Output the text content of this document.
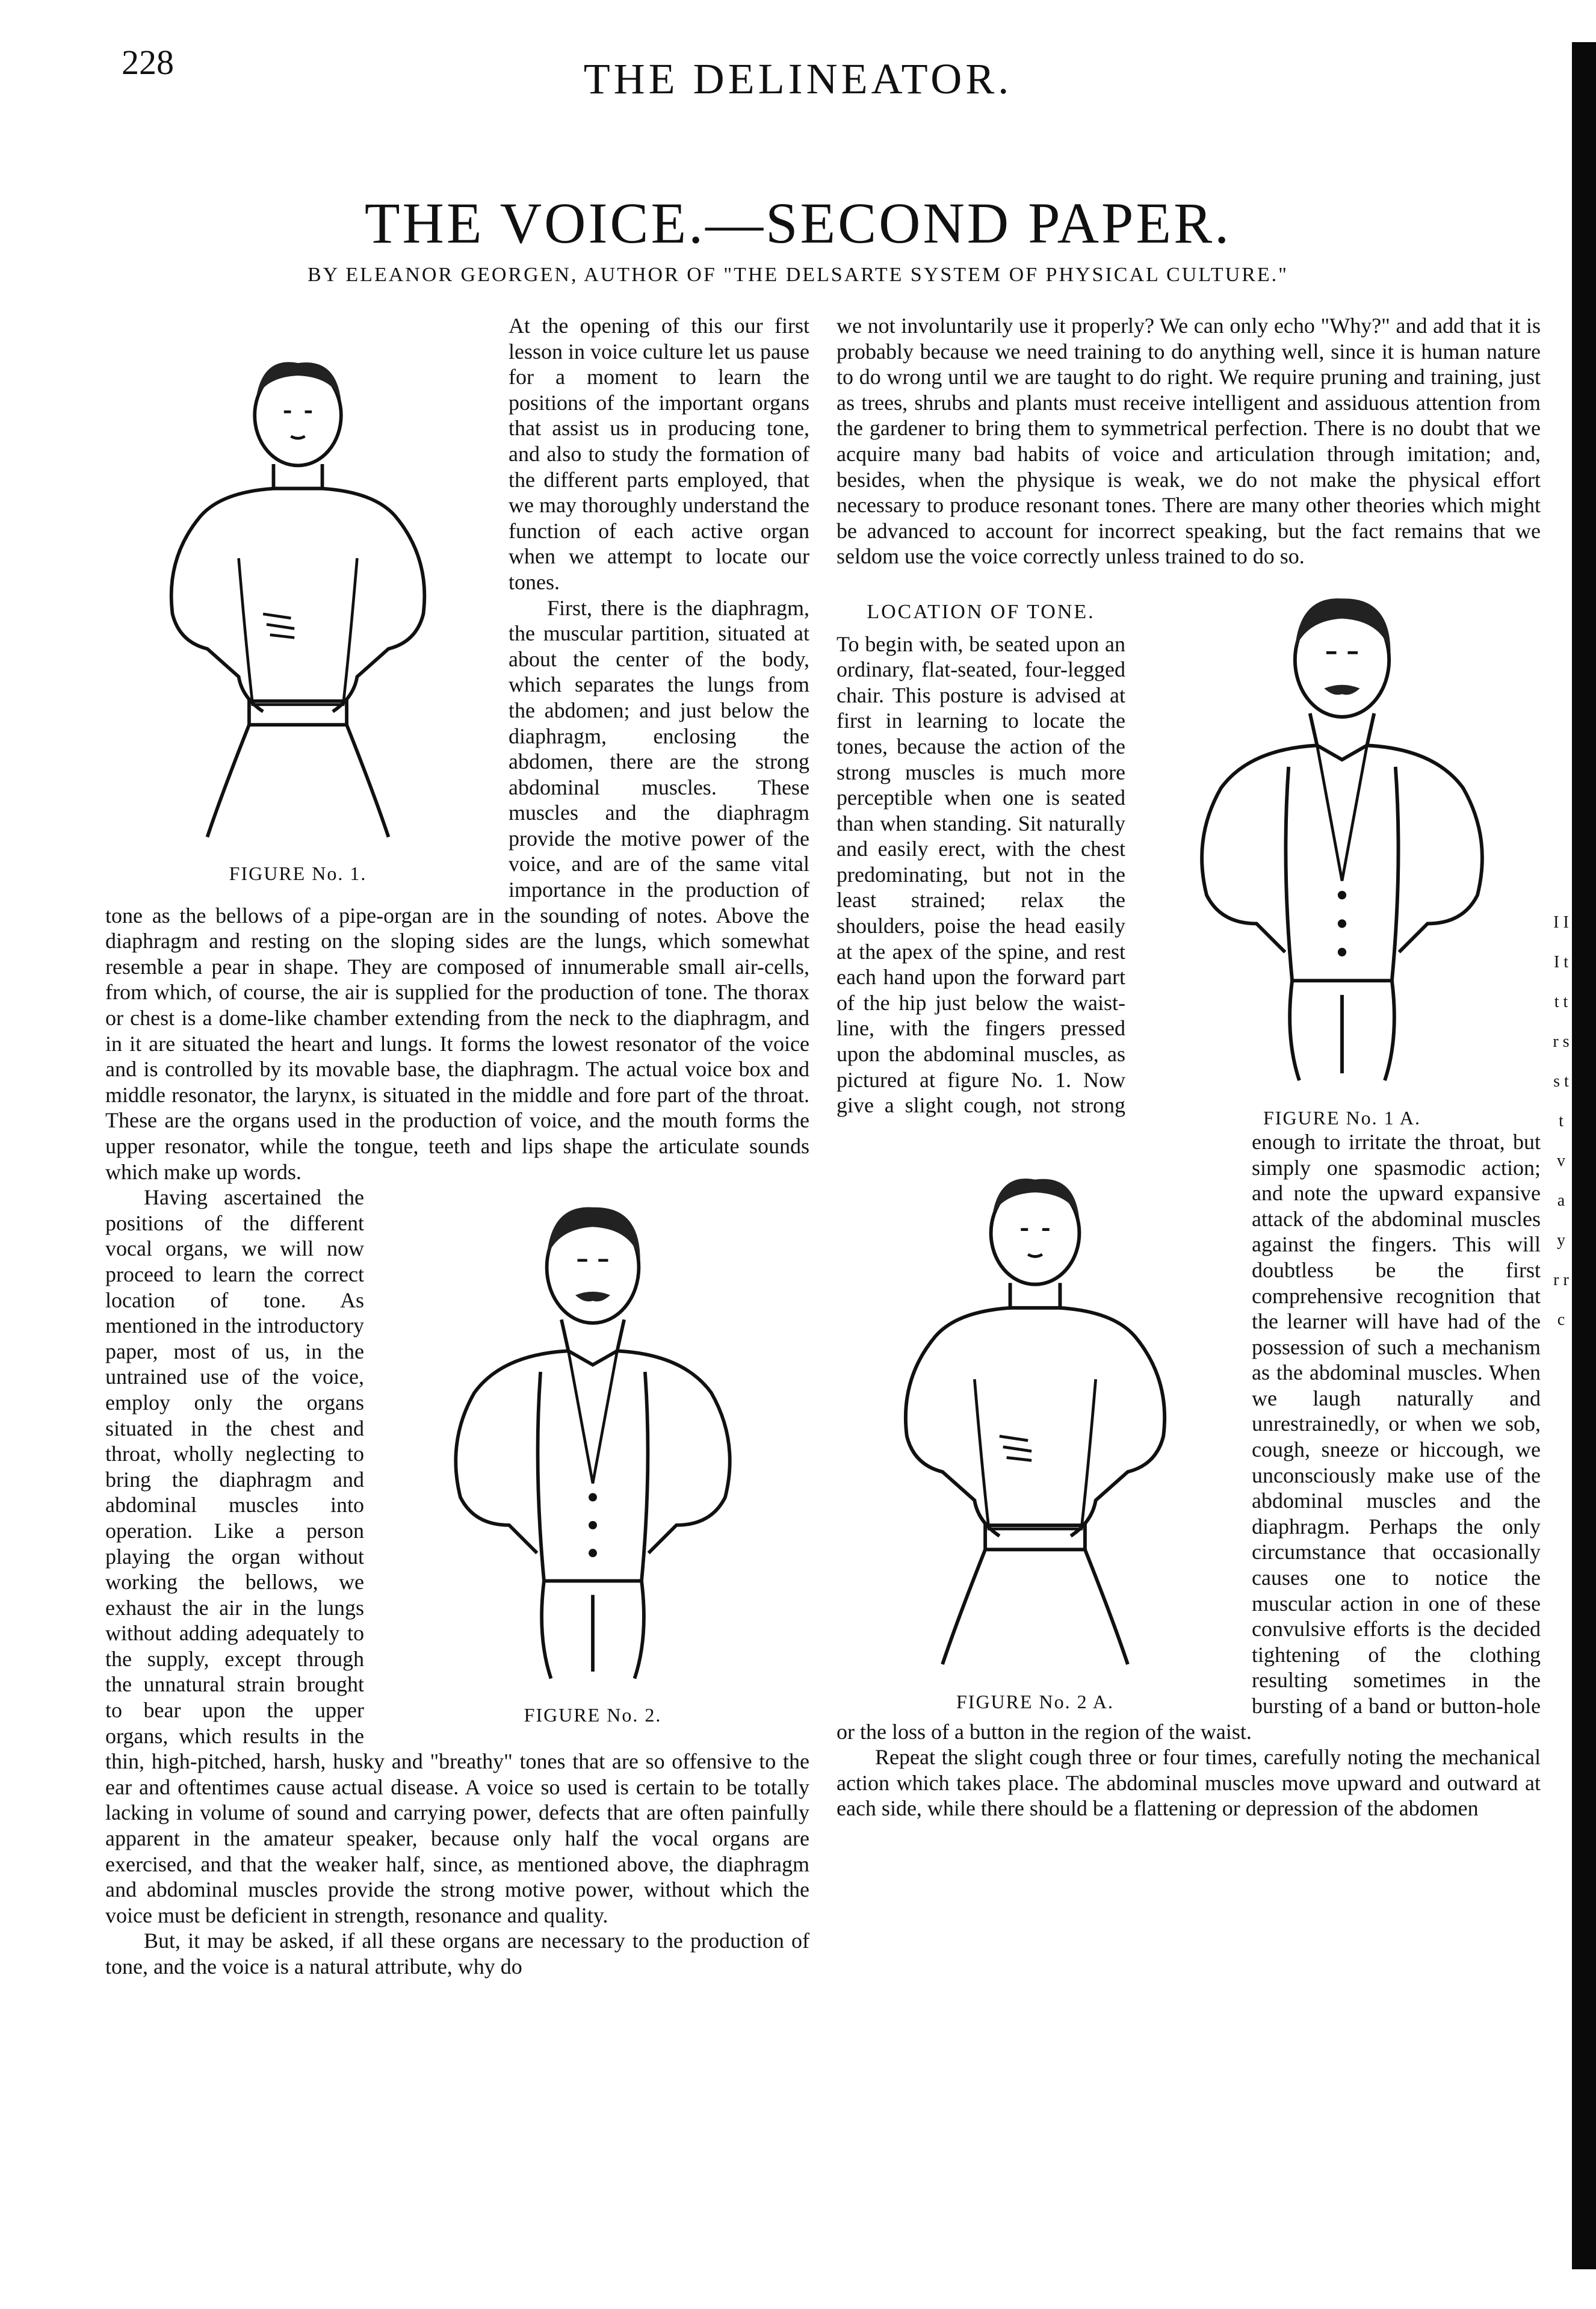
228	THE DELINEATOR.
THE VOICE.—SECOND PAPER.
BY ELEANOR GEORGEN, AUTHOR OF "THE DELSARTE SYSTEM OF PHYSICAL CULTURE."
I I I t t t r s s t t v a y r r c
FIGURE No. 1.

At the opening of this our first lesson in voice culture let us pause for a moment to learn the positions of the important organs that assist us in producing tone, and also to study the formation of the different parts employed, that we may thoroughly understand the function of each active organ when we attempt to locate our tones.

First, there is the diaphragm, the muscular partition, situated at about the center of the body, which separates the lungs from the abdomen; and just below the diaphragm, enclosing the abdomen, there are the strong abdominal muscles. These muscles and the diaphragm provide the motive power of the voice, and are of the same vital importance in the production of tone as the bellows of a pipe-organ are in the sounding of notes. Above the diaphragm and resting on the sloping sides are the lungs, which somewhat resemble a pear in shape. They are composed of innumerable small air-cells, from which, of course, the air is supplied for the production of tone. The thorax or chest is a dome-like chamber extending from the neck to the diaphragm, and in it are situated the heart and lungs. It forms the lowest resonator of the voice and is controlled by its movable base, the diaphragm. The actual voice box and middle resonator, the larynx, is situated in the middle and fore part of the throat. These are the organs used in the production of voice, and the mouth forms the upper resonator, while the tongue, teeth and lips shape the articulate sounds which make up words.

FIGURE No. 2.

Having ascertained the positions of the different vocal organs, we will now proceed to learn the correct location of tone. As mentioned in the introductory paper, most of us, in the untrained use of the voice, employ only the organs situated in the chest and throat, wholly neglecting to bring the diaphragm and abdominal muscles into operation. Like a person playing the organ without working the bellows, we exhaust the air in the lungs without adding adequately to the supply, except through the unnatural strain brought to bear upon the upper organs, which results in the thin, high-pitched, harsh, husky and "breathy" tones that are so offensive to the ear and oftentimes cause actual disease. A voice so used is certain to be totally lacking in volume of sound and carrying power, defects that are often painfully apparent in the amateur speaker, because only half the vocal organs are exercised, and that the weaker half, since, as mentioned above, the diaphragm and abdominal muscles provide the strong motive power, without which the voice must be deficient in strength, resonance and quality.

But, it may be asked, if all these organs are necessary to the production of tone, and the voice is a natural attribute, why do

we not involuntarily use it properly? We can only echo "Why?" and add that it is probably because we need training to do anything well, since it is human nature to do wrong until we are taught to do right. We require pruning and training, just as trees, shrubs and plants must receive intelligent and assiduous attention from the gardener to bring them to symmetrical perfection. There is no doubt that we acquire many bad habits of voice and articulation through imitation; and, besides, when the physique is weak, we do not make the physical effort necessary to produce resonant tones. There are many other theories which might be advanced to account for incorrect speaking, but the fact remains that we seldom use the voice correctly unless trained to do so.

FIGURE No. 1 A.
LOCATION OF TONE.
FIGURE No. 2 A.

To begin with, be seated upon an ordinary, flat-seated, four-legged chair. This posture is advised at first in learning to locate the tones, because the action of the strong muscles is much more perceptible when one is seated than when standing. Sit naturally and easily erect, with the chest predominating, but not in the least strained; relax the shoulders, poise the head easily at the apex of the spine, and rest each hand upon the forward part of the hip just below the waist-line, with the fingers pressed upon the abdominal muscles, as pictured at figure No. 1. Now give a slight cough, not strong enough to irritate the throat, but simply one spasmodic action; and note the upward expansive attack of the abdominal muscles against the fingers. This will doubtless be the first comprehensive recognition that the learner will have had of the possession of such a mechanism as the abdominal muscles. When we laugh naturally and unrestrainedly, or when we sob, cough, sneeze or hiccough, we unconsciously make use of the abdominal muscles and the diaphragm. Perhaps the only circumstance that occasionally causes one to notice the muscular action in one of these convulsive efforts is the decided tightening of the clothing resulting sometimes in the bursting of a band or button-hole or the loss of a button in the region of the waist.

Repeat the slight cough three or four times, carefully noting the mechanical action which takes place. The abdominal muscles move upward and outward at each side, while there should be a flattening or depression of the abdomen
